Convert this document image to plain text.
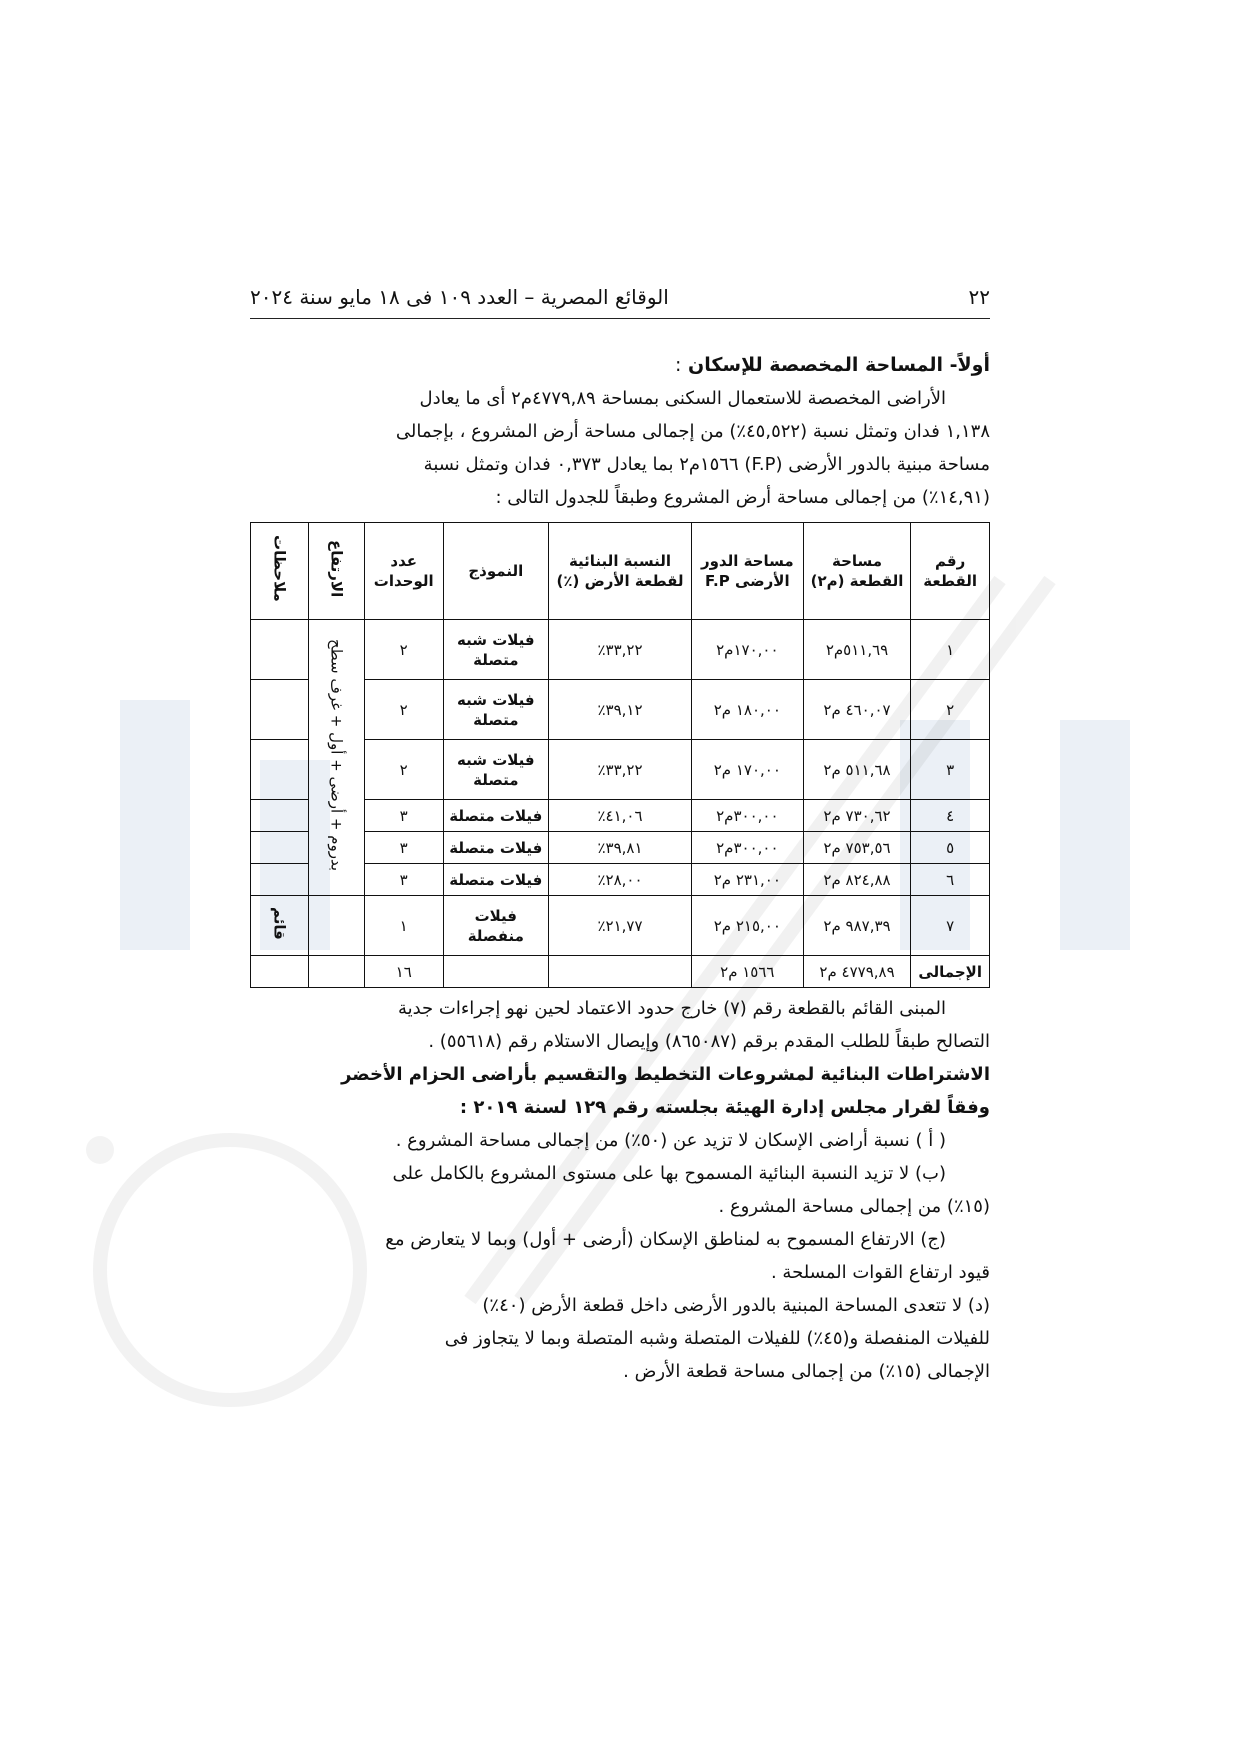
٢٢
الوقائع المصرية – العدد ١٠٩ فى ١٨ مايو سنة ٢٠٢٤
أولاً- المساحة المخصصة للإسكان :

الأراضى المخصصة للاستعمال السكنى بمساحة ٤٧٧٩,٨٩م٢ أى ما يعادل

١,١٣٨ فدان وتمثل نسبة (٤٥,٥٢٢٪) من إجمالى مساحة أرض المشروع ، بإجمالى

مساحة مبنية بالدور الأرضى (F.P) ١٥٦٦م٢ بما يعادل ٠,٣٧٣ فدان وتمثل نسبة

(١٤,٩١٪) من إجمالى مساحة أرض المشروع وطبقاً للجدول التالى :

رقم القطعة	مساحة القطعة (م٢)	مساحة الدور الأرضى F.P	النسبة البنائية لقطعة الأرض (٪)	النموذج	عدد الوحدات	الارتفاع	ملاحظات
١	٥١١,٦٩م٢	١٧٠,٠٠م٢	٣٣,٢٢٪	فيلات شبه متصلة	٢	بدروم + أرضى + أول + غرف سطح	
٢	٤٦٠,٠٧ م٢	١٨٠,٠٠ م٢	٣٩,١٢٪	فيلات شبه متصلة	٢		
٣	٥١١,٦٨ م٢	١٧٠,٠٠ م٢	٣٣,٢٢٪	فيلات شبه متصلة	٢		
٤	٧٣٠,٦٢ م٢	٣٠٠,٠٠م٢	٤١,٠٦٪	فيلات متصلة	٣		
٥	٧٥٣,٥٦ م٢	٣٠٠,٠٠م٢	٣٩,٨١٪	فيلات متصلة	٣		
٦	٨٢٤,٨٨ م٢	٢٣١,٠٠ م٢	٢٨,٠٠٪	فيلات متصلة	٣		
٧	٩٨٧,٣٩ م٢	٢١٥,٠٠ م٢	٢١,٧٧٪	فيلات منفصلة	١		قائم
الإجمالى	٤٧٧٩,٨٩ م٢	١٥٦٦ م٢			١٦		

المبنى القائم بالقطعة رقم (٧) خارج حدود الاعتماد لحين نهو إجراءات جدية

التصالح طبقاً للطلب المقدم برقم (٨٦٥٠٨٧) وإيصال الاستلام رقم (٥٥٦١٨) .

الاشتراطات البنائية لمشروعات التخطيط والتقسيم بأراضى الحزام الأخضر

وفقاً لقرار مجلس إدارة الهيئة بجلسته رقم ١٢٩ لسنة ٢٠١٩ :

( أ ) نسبة أراضى الإسكان لا تزيد عن (٥٠٪) من إجمالى مساحة المشروع .

(ب) لا تزيد النسبة البنائية المسموح بها على مستوى المشروع بالكامل على

(١٥٪) من إجمالى مساحة المشروع .

(ج) الارتفاع المسموح به لمناطق الإسكان (أرضى + أول) وبما لا يتعارض مع

قيود ارتفاع القوات المسلحة .

(د) لا تتعدى المساحة المبنية بالدور الأرضى داخل قطعة الأرض (٤٠٪)

للفيلات المنفصلة و(٤٥٪) للفيلات المتصلة وشبه المتصلة وبما لا يتجاوز فى

الإجمالى (١٥٪) من إجمالى مساحة قطعة الأرض .
